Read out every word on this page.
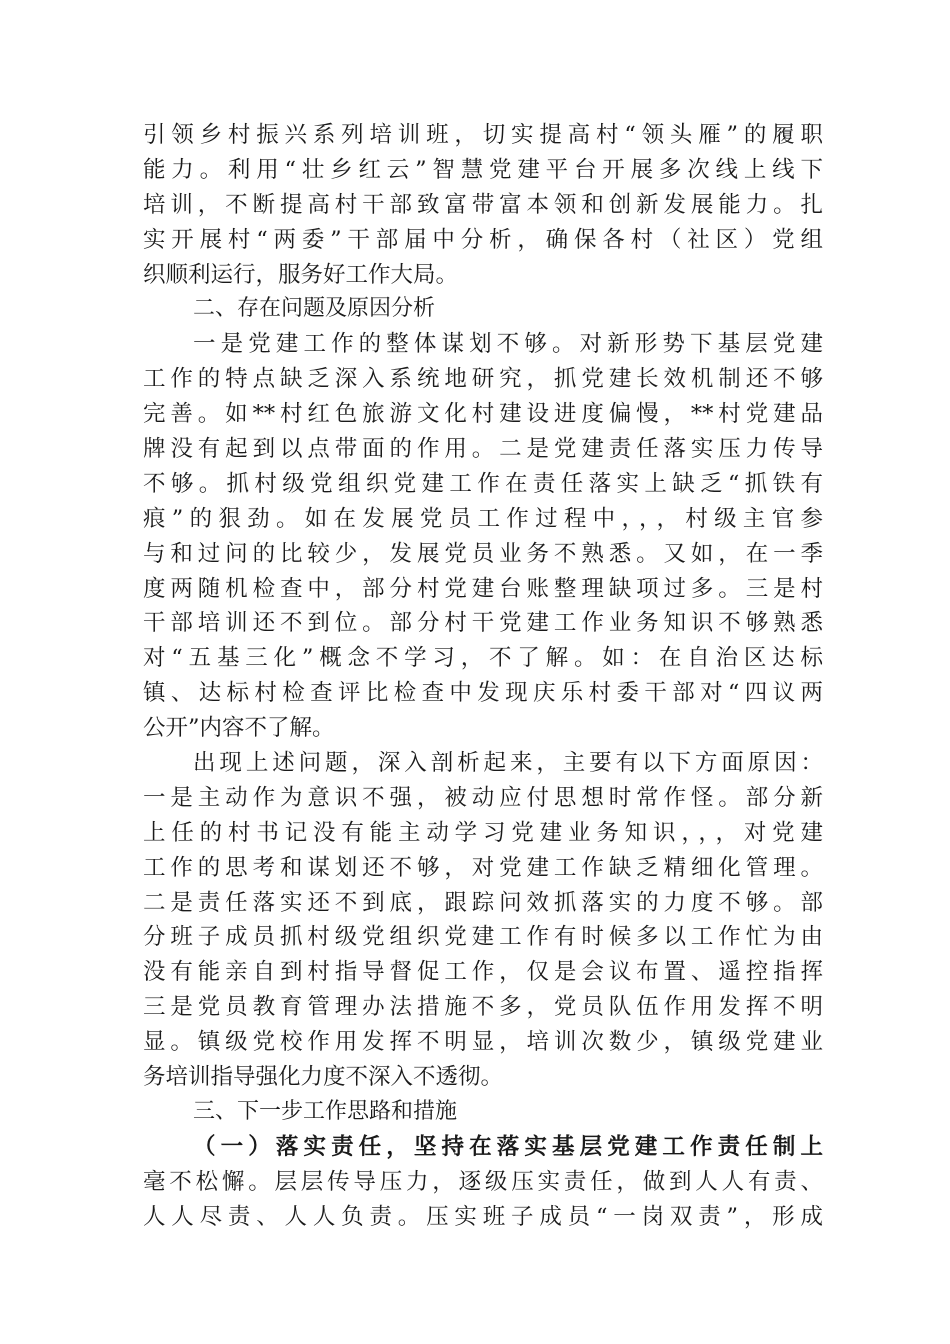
引领乡村振兴系列培训班，切实提高村“领头雁”的履职
能力。利用“壮乡红云”智慧党建平台开展多次线上线下
培训，不断提高村干部致富带富本领和创新发展能力。扎
实开展村“两委”干部届中分析，确保各村（社区）党组
织顺利运行，服务好工作大局。
二、存在问题及原因分析
一是党建工作的整体谋划不够。对新形势下基层党建
工作的特点缺乏深入系统地研究，抓党建长效机制还不够
完善。如**村红色旅游文化村建设进度偏慢，**村党建品
牌没有起到以点带面的作用。二是党建责任落实压力传导
不够。抓村级党组织党建工作在责任落实上缺乏“抓铁有
痕”的狠劲。如在发展党员工作过程中，，，村级主官参
与和过问的比较少，发展党员业务不熟悉。又如，在一季
度两随机检查中，部分村党建台账整理缺项过多。三是村
干部培训还不到位。部分村干党建工作业务知识不够熟悉
对“五基三化”概念不学习，不了解。如：在自治区达标
镇、达标村检查评比检查中发现庆乐村委干部对“四议两
公开”内容不了解。
出现上述问题，深入剖析起来，主要有以下方面原因：
一是主动作为意识不强，被动应付思想时常作怪。部分新
上任的村书记没有能主动学习党建业务知识，，，对党建
工作的思考和谋划还不够，对党建工作缺乏精细化管理。
二是责任落实还不到底，跟踪问效抓落实的力度不够。部
分班子成员抓村级党组织党建工作有时候多以工作忙为由
没有能亲自到村指导督促工作，仅是会议布置、遥控指挥
三是党员教育管理办法措施不多，党员队伍作用发挥不明
显。镇级党校作用发挥不明显，培训次数少，镇级党建业
务培训指导强化力度不深入不透彻。
三、下一步工作思路和措施
（一）落实责任，坚持在落实基层党建工作责任制上
毫不松懈。层层传导压力，逐级压实责任，做到人人有责、
人人尽责、人人负责。压实班子成员“一岗双责”，形成
